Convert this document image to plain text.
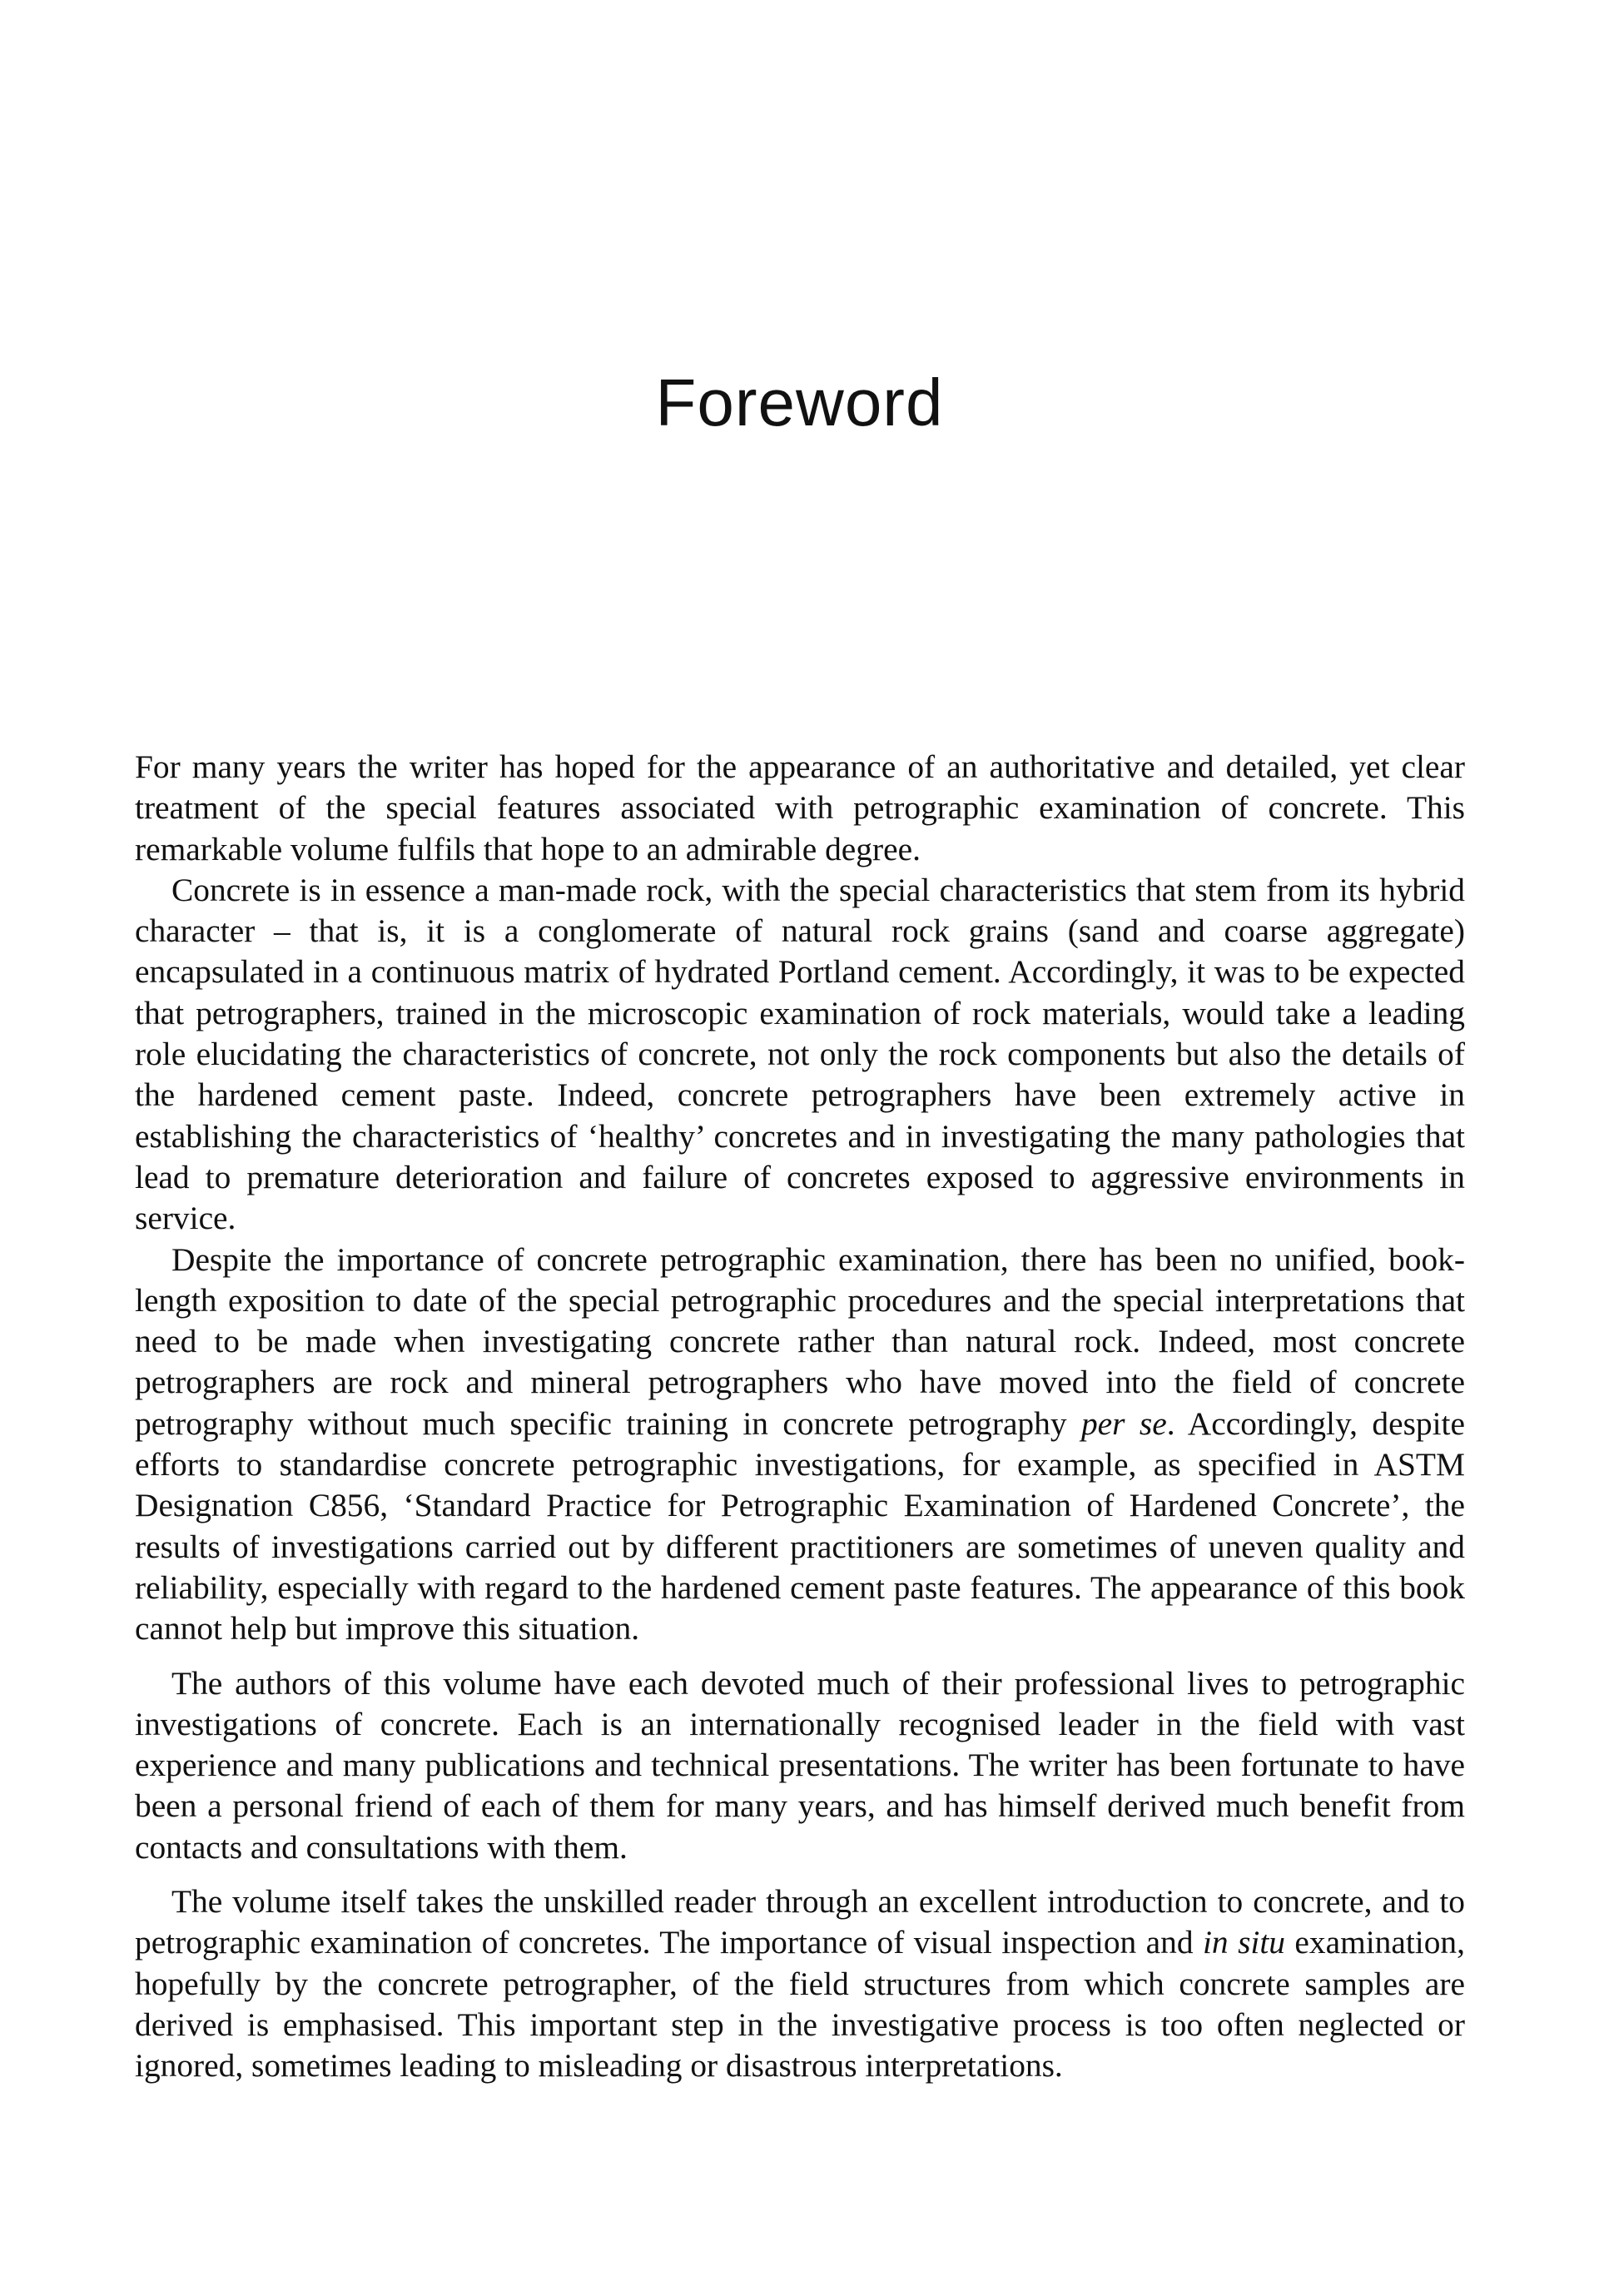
Foreword

For many years the writer has hoped for the appearance of an authoritative and detailed, yet clear treatment of the special features associated with petrographic examination of concrete. This remarkable volume fulfils that hope to an admirable degree.

Concrete is in essence a man-made rock, with the special characteristics that stem from its hybrid character – that is, it is a conglomerate of natural rock grains (sand and coarse aggregate) encapsulated in a continuous matrix of hydrated Portland cement. Accordingly, it was to be expected that petrographers, trained in the microscopic examination of rock materials, would take a leading role elucidating the characteristics of concrete, not only the rock components but also the details of the hardened cement paste. Indeed, concrete petrographers have been extremely active in establishing the characteristics of ‘healthy’ concretes and in investigating the many pathologies that lead to premature deterioration and failure of concretes exposed to aggressive environments in service.

Despite the importance of concrete petrographic examination, there has been no unified, book-length exposition to date of the special petrographic procedures and the special interpretations that need to be made when investigating concrete rather than natural rock. Indeed, most concrete petrographers are rock and mineral petrographers who have moved into the field of concrete petrography without much specific training in concrete petrography per se. Accordingly, despite efforts to standardise concrete petrographic investigations, for example, as specified in ASTM Designation C856, ‘Standard Practice for Petrographic Examination of Hardened Concrete’, the results of investigations carried out by different practitioners are sometimes of uneven quality and reliability, especially with regard to the hardened cement paste features. The appearance of this book cannot help but improve this situation.

The authors of this volume have each devoted much of their professional lives to petrographic investigations of concrete. Each is an internationally recognised leader in the field with vast experience and many publications and technical presentations. The writer has been fortunate to have been a personal friend of each of them for many years, and has himself derived much benefit from contacts and consultations with them.

The volume itself takes the unskilled reader through an excellent introduction to concrete, and to petrographic examination of concretes. The importance of visual inspection and in situ examination, hopefully by the concrete petrographer, of the field structures from which concrete samples are derived is emphasised. This important step in the investigative process is too often neglected or ignored, sometimes leading to misleading or disastrous interpretations.
